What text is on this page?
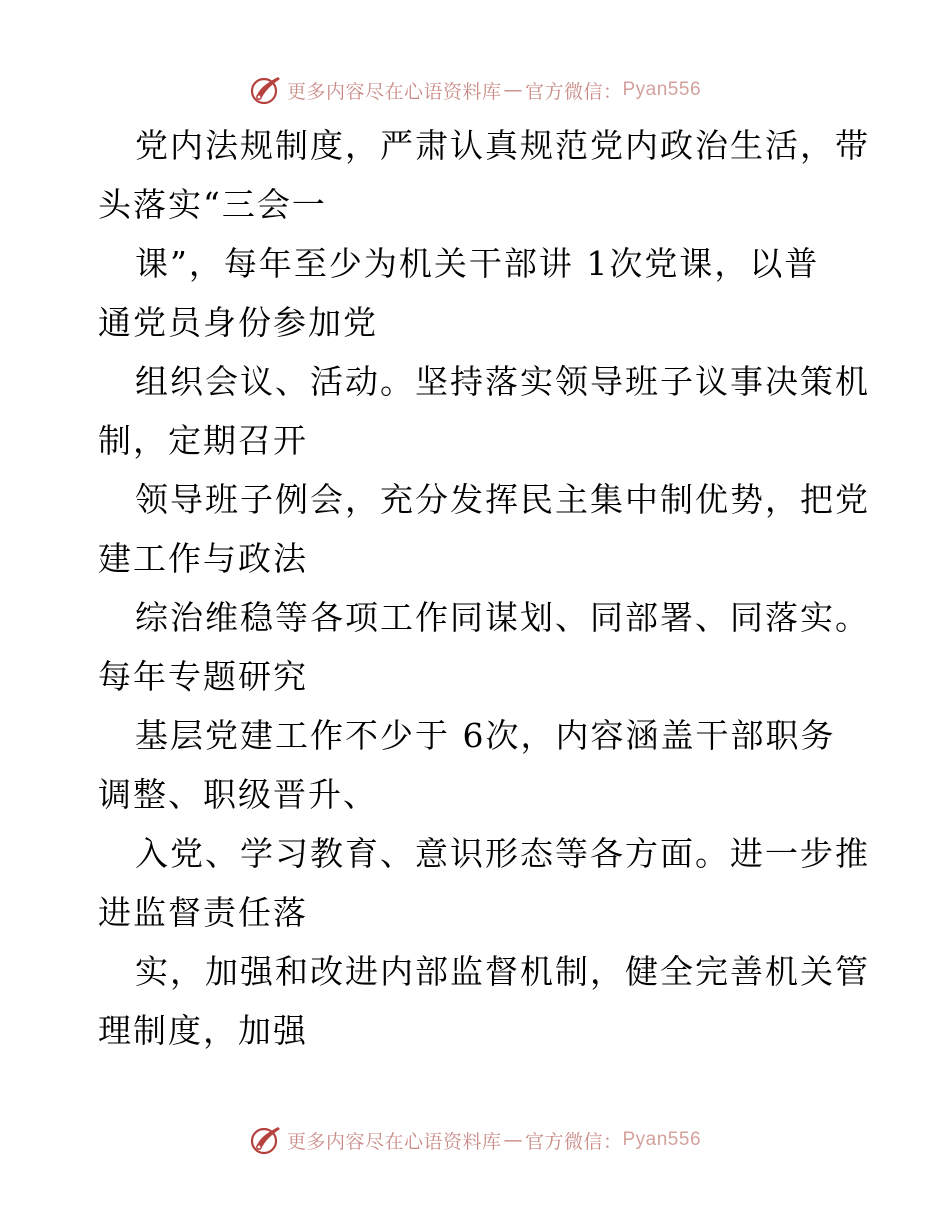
更多内容尽在心语资料库 — 官方微信： Pyan556
党内法规制度，严肃认真规范党内政治生活，带
头落实“三会一
课”，每年至少为机关干部讲 1次党课，以普
通党员身份参加党
组织会议、活动。坚持落实领导班子议事决策机
制，定期召开
领导班子例会，充分发挥民主集中制优势，把党
建工作与政法
综治维稳等各项工作同谋划、同部署、同落实。
每年专题研究
基层党建工作不少于 6次，内容涵盖干部职务
调整、职级晋升、
入党、学习教育、意识形态等各方面。进一步推
进监督责任落
实，加强和改进内部监督机制，健全完善机关管
理制度，加强
更多内容尽在心语资料库 — 官方微信： Pyan556
